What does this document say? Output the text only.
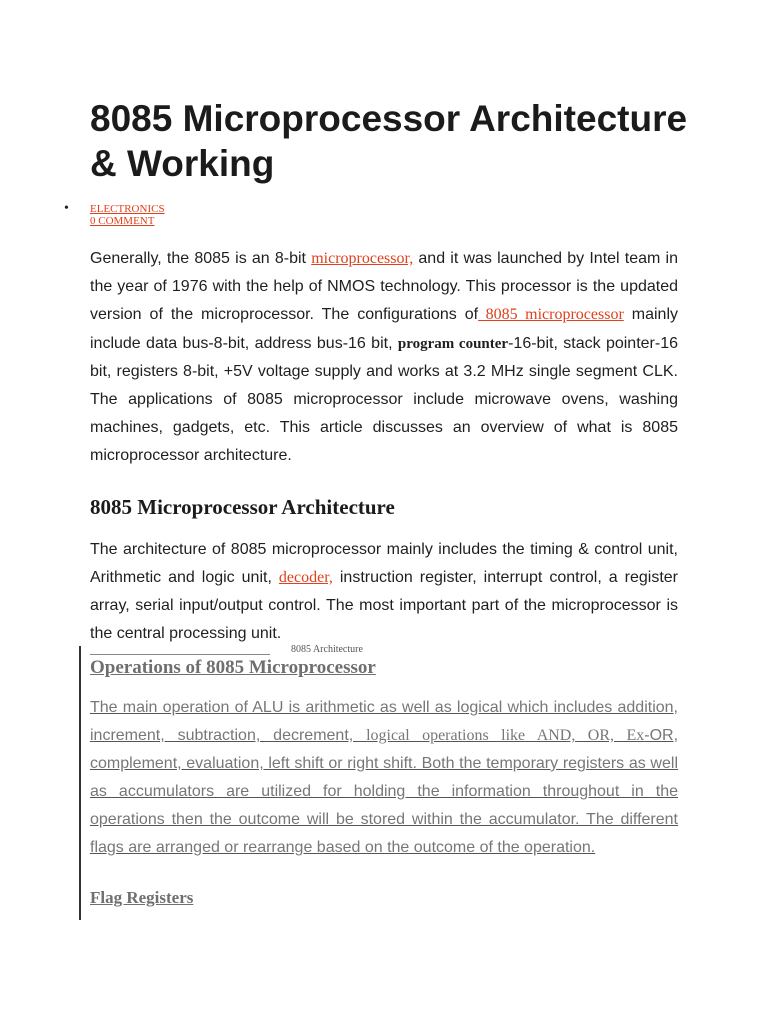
8085 Microprocessor Architecture & Working
• ELECTRONICS
0 COMMENT

Generally, the 8085 is an 8-bit microprocessor, and it was launched by Intel team in the year of 1976 with the help of NMOS technology. This processor is the updated version of the microprocessor. The configurations of 8085 microprocessor mainly include data bus-8-bit, address bus-16 bit, program counter-16-bit, stack pointer-16 bit, registers 8-bit, +5V voltage supply and works at 3.2 MHz single segment CLK. The applications of 8085 microprocessor include microwave ovens, washing machines, gadgets, etc. This article discusses an overview of what is 8085 microprocessor architecture.

8085 Microprocessor Architecture

The architecture of 8085 microprocessor mainly includes the timing & control unit, Arithmetic and logic unit, decoder, instruction register, interrupt control, a register array, serial input/output control. The most important part of the microprocessor is the central processing unit.

8085 Architecture
Operations of 8085 Microprocessor

The main operation of ALU is arithmetic as well as logical which includes addition, increment, subtraction, decrement, logical operations like AND, OR, Ex-OR, complement, evaluation, left shift or right shift. Both the temporary registers as well as accumulators are utilized for holding the information throughout in the operations then the outcome will be stored within the accumulator. The different flags are arranged or rearrange based on the outcome of the operation.

Flag Registers
